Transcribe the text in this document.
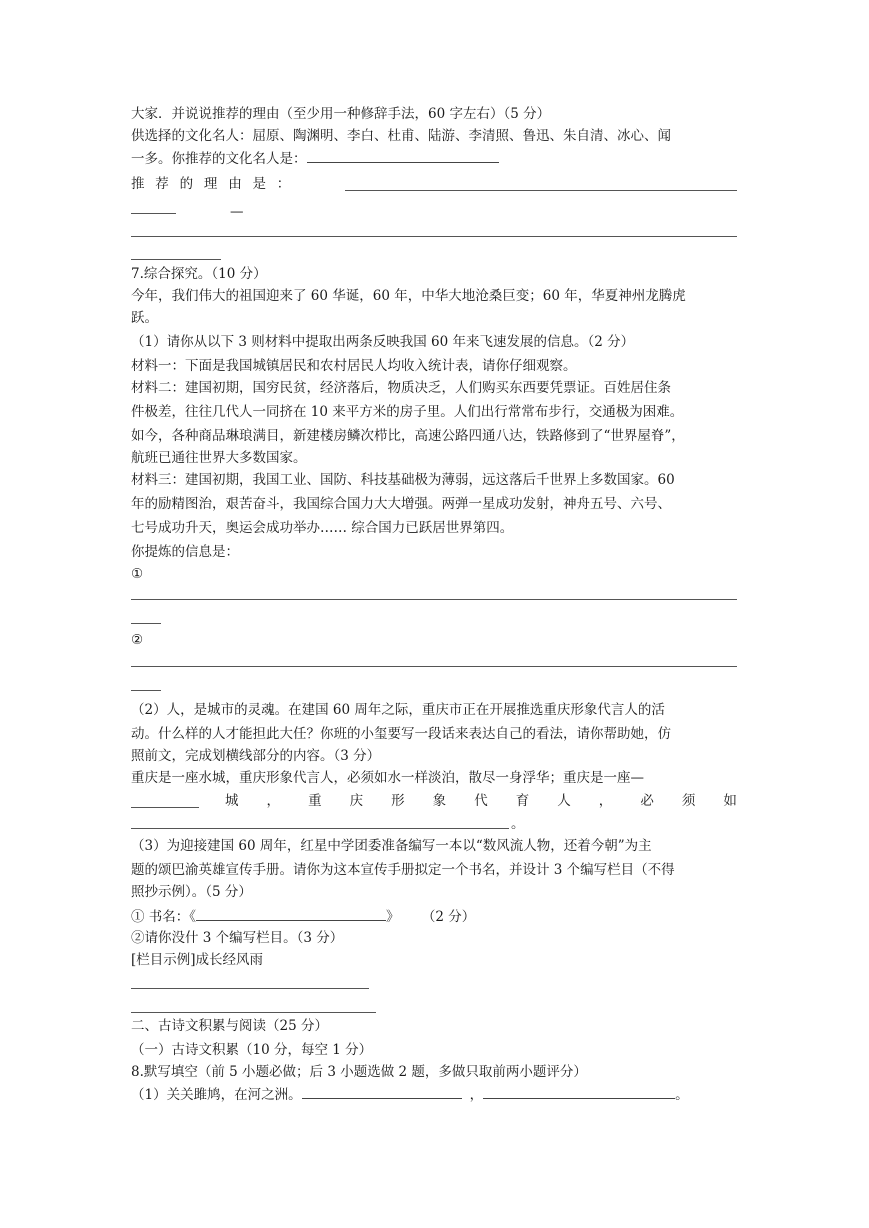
大家．并说说推荐的理由（至少用一种修辞手法，60 字左右）（5 分）
供选择的文化名人：屈原、陶渊明、李白、杜甫、陆游、李清照、鲁迅、朱自清、冰心、闻
一多。你推荐的文化名人是：
推 荐 的 理 由 是 ：
—
7.综合探究。（10 分）
今年，我们伟大的祖国迎来了 60 华诞，60 年，中华大地沧桑巨变；60 年，华夏神州龙腾虎
跃。
（1）请你从以下 3 则材料中提取出两条反映我国 60 年来飞速发展的信息。（2 分）
材料一：下面是我国城镇居民和农村居民人均收入统计表，请你仔细观察。
材料二：建国初期，国穷民贫，经济落后，物质决乏，人们购买东西要凭票证。百姓居住条
件极差，往往几代人一同挤在 10 来平方米的房子里。人们出行常常布步行，交通极为困难。
如今，各种商品琳琅满目，新建楼房鳞次栉比，高速公路四通八达，铁路修到了“世界屋脊”，
航班已通往世界大多数国家。
材料三：建国初期，我国工业、国防、科技基础极为薄弱，远这落后千世界上多数国家。60
年的励精图治，艰苦奋斗，我国综合国力大大增强。两弹一星成功发射，神舟五号、六号、
七号成功升天，奥运会成功举办…… 综合国力已跃居世界第四。
你提炼的信息是：
①
②
（2）人，是城市的灵魂。在建国 60 周年之际，重庆市正在开展推选重庆形象代言人的活
动。什么样的人才能担此大任？你班的小玺要写一段话来表达自己的看法，请你帮助她，仿
照前文，完成划横线部分的内容。（3 分）
重庆是一座水城，重庆形象代言人，必须如水一样淡泊，散尽一身浮华；重庆是一座—
城 ， 重 庆 形 象 代 育 人 ， 必 须 如
。
（3）为迎接建国 60 周年，红星中学团委准备编写一本以“数风流人物，还着今朝”为主
题的颂巴渝英雄宣传手册。请你为这本宣传手册拟定一个书名，并设计 3 个编写栏目（不得
照抄示例）。（5 分）
① 书名：《	》 （2 分）
②请你没什 3 个编写栏目。（3 分）
[栏目示例]成长经风雨
二、古诗文积累与阅读（25 分）
（一）古诗文积累（10 分，每空 1 分）
8.默写填空（前 5 小题必做；后 3 小题选做 2 题，多做只取前两小题评分）
（1）关关雎鸠，在河之洲。	，	。
